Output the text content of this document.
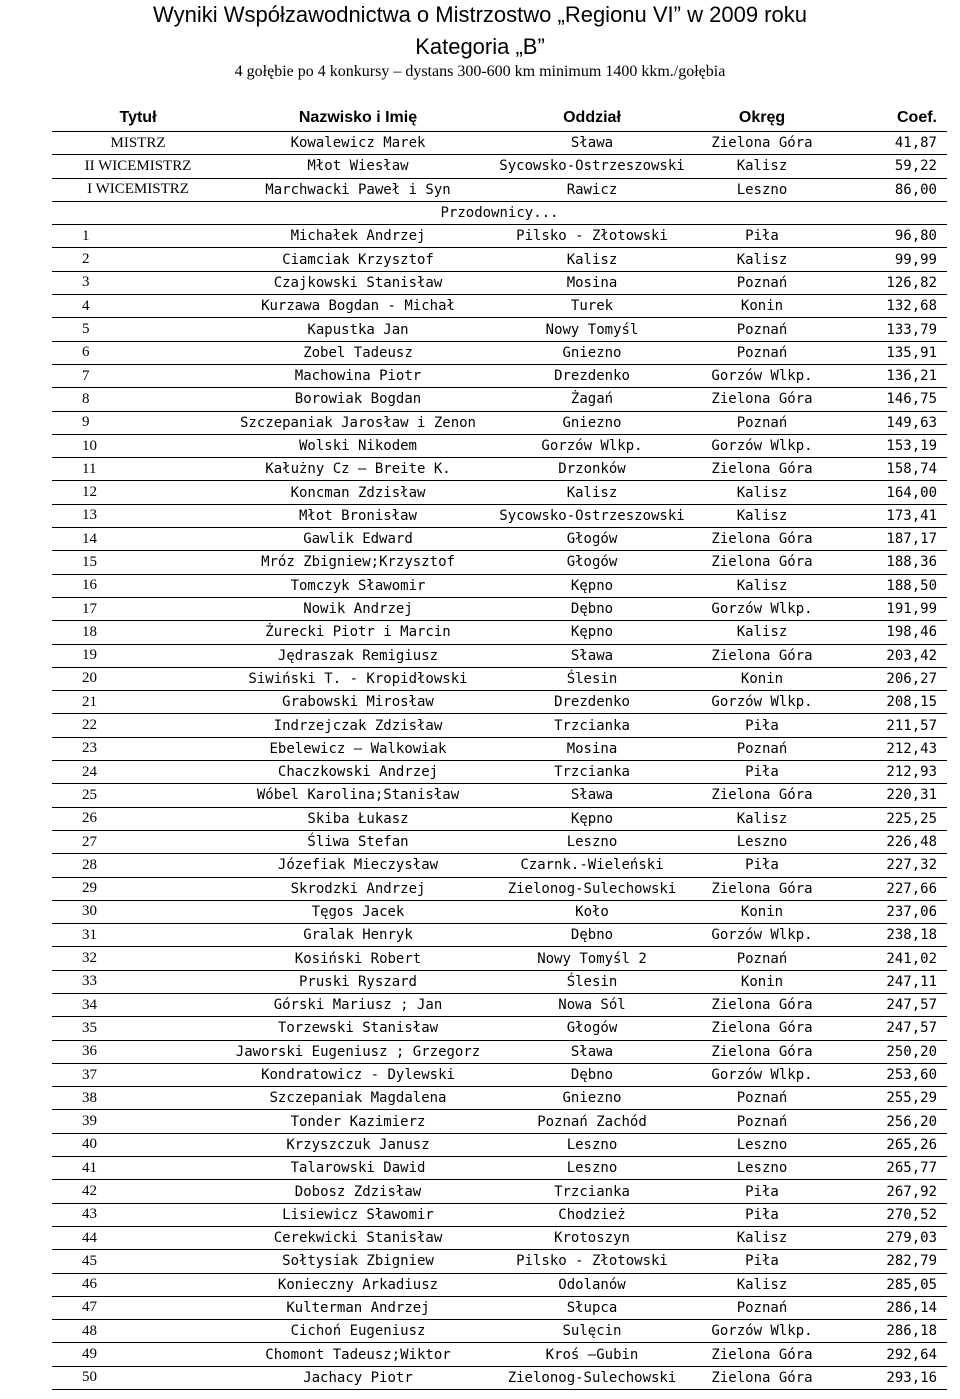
Wyniki Współzawodnictwa o Mistrzostwo „Regionu VI” w 2009 roku
Kategoria „B”
4 gołębie po 4 konkursy – dystans 300-600 km minimum 1400 kkm./gołębia
Tytuł	Nazwisko i Imię	Oddział	Okręg	Coef.
MISTRZ	Kowalewicz Marek	Sława	Zielona Góra	41,87
II WICEMISTRZ	Młot Wiesław	Sycowsko-Ostrzeszowski	Kalisz	59,22
I WICEMISTRZ	Marchwacki Paweł i Syn	Rawicz	Leszno	86,00
Przodownicy...				
1	Michałek Andrzej	Pilsko - Złotowski	Piła	96,80
2	Ciamciak Krzysztof	Kalisz	Kalisz	99,99
3	Czajkowski Stanisław	Mosina	Poznań	126,82
4	Kurzawa Bogdan - Michał	Turek	Konin	132,68
5	Kapustka Jan	Nowy Tomyśl	Poznań	133,79
6	Zobel Tadeusz	Gniezno	Poznań	135,91
7	Machowina Piotr	Drezdenko	Gorzów Wlkp.	136,21
8	Borowiak Bogdan	Żagań	Zielona Góra	146,75
9	Szczepaniak Jarosław i Zenon	Gniezno	Poznań	149,63
10	Wolski Nikodem	Gorzów Wlkp.	Gorzów Wlkp.	153,19
11	Kałużny Cz – Breite K.	Drzonków	Zielona Góra	158,74
12	Koncman Zdzisław	Kalisz	Kalisz	164,00
13	Młot Bronisław	Sycowsko-Ostrzeszowski	Kalisz	173,41
14	Gawlik Edward	Głogów	Zielona Góra	187,17
15	Mróz Zbigniew;Krzysztof	Głogów	Zielona Góra	188,36
16	Tomczyk Sławomir	Kępno	Kalisz	188,50
17	Nowik Andrzej	Dębno	Gorzów Wlkp.	191,99
18	Żurecki Piotr i Marcin	Kępno	Kalisz	198,46
19	Jędraszak Remigiusz	Sława	Zielona Góra	203,42
20	Siwiński T. - Kropidłowski	Ślesin	Konin	206,27
21	Grabowski Mirosław	Drezdenko	Gorzów Wlkp.	208,15
22	Indrzejczak Zdzisław	Trzcianka	Piła	211,57
23	Ebelewicz – Walkowiak	Mosina	Poznań	212,43
24	Chaczkowski Andrzej	Trzcianka	Piła	212,93
25	Wóbel Karolina;Stanisław	Sława	Zielona Góra	220,31
26	Skiba Łukasz	Kępno	Kalisz	225,25
27	Śliwa Stefan	Leszno	Leszno	226,48
28	Józefiak Mieczysław	Czarnk.-Wieleński	Piła	227,32
29	Skrodzki Andrzej	Zielonog-Sulechowski	Zielona Góra	227,66
30	Tęgos Jacek	Koło	Konin	237,06
31	Gralak Henryk	Dębno	Gorzów Wlkp.	238,18
32	Kosiński Robert	Nowy Tomyśl 2	Poznań	241,02
33	Pruski Ryszard	Ślesin	Konin	247,11
34	Górski Mariusz ; Jan	Nowa Sól	Zielona Góra	247,57
35	Torzewski Stanisław	Głogów	Zielona Góra	247,57
36	Jaworski Eugeniusz ; Grzegorz	Sława	Zielona Góra	250,20
37	Kondratowicz - Dylewski	Dębno	Gorzów Wlkp.	253,60
38	Szczepaniak Magdalena	Gniezno	Poznań	255,29
39	Tonder Kazimierz	Poznań Zachód	Poznań	256,20
40	Krzyszczuk Janusz	Leszno	Leszno	265,26
41	Talarowski Dawid	Leszno	Leszno	265,77
42	Dobosz Zdzisław	Trzcianka	Piła	267,92
43	Lisiewicz Sławomir	Chodzież	Piła	270,52
44	Cerekwicki Stanisław	Krotoszyn	Kalisz	279,03
45	Sołtysiak Zbigniew	Pilsko - Złotowski	Piła	282,79
46	Konieczny Arkadiusz	Odolanów	Kalisz	285,05
47	Kulterman Andrzej	Słupca	Poznań	286,14
48	Cichoń Eugeniusz	Sulęcin	Gorzów Wlkp.	286,18
49	Chomont Tadeusz;Wiktor	Kroś –Gubin	Zielona Góra	292,64
50	Jachacy Piotr	Zielonog-Sulechowski	Zielona Góra	293,16
